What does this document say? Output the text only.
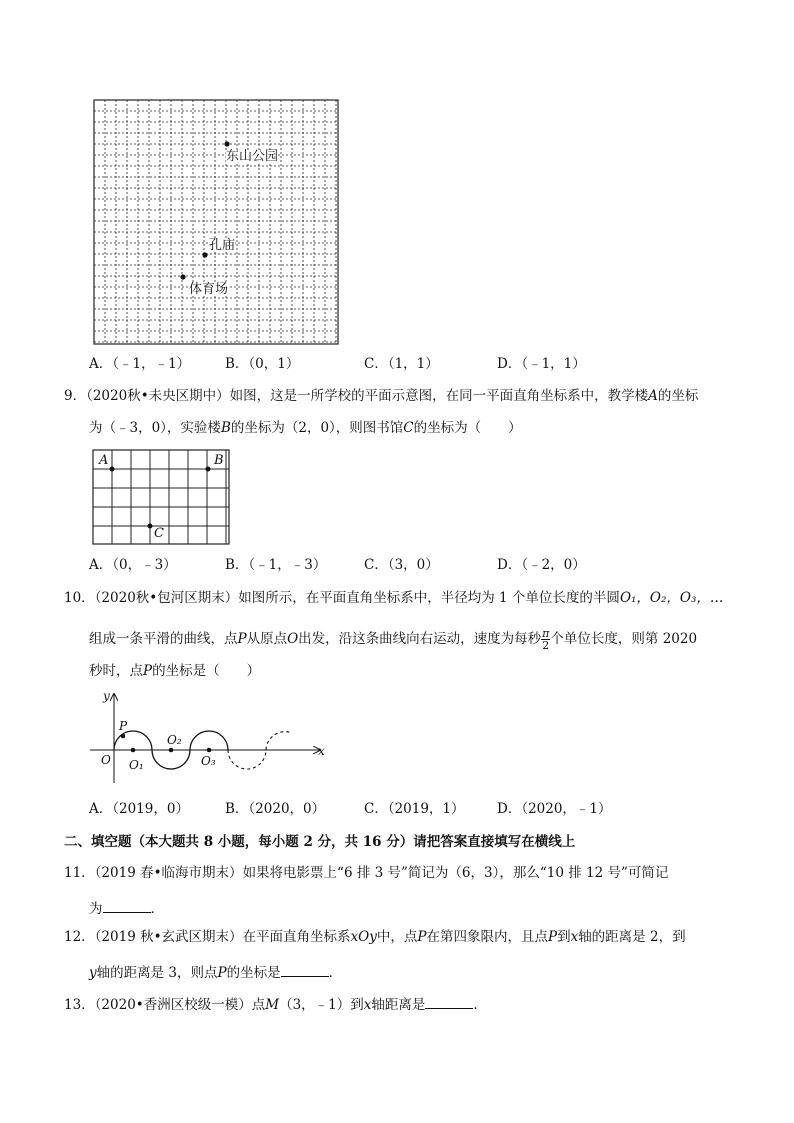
东山公园
孔庙
体育场
A．（﹣1，﹣1）	B．（0，1）	C．（1，1）	D．（﹣1，1）
9．（2020秋•未央区期中）如图，这是一所学校的平面示意图，在同一平面直角坐标系中，教学楼A的坐标
为（﹣3，0），实验楼B的坐标为（2，0），则图书馆C的坐标为（　　）
A	B
C
A．（0，﹣3）	B．（﹣1，﹣3）	C．（3，0）	D．（﹣2，0）
10．（2020秋•包河区期末）如图所示，在平面直角坐标系中，半径均为 1 个单位长度的半圆O₁，O₂，O₃，…
组成一条平滑的曲线，点P从原点O出发，沿这条曲线向右运动，速度为每秒 $\frac{\pi}{2}$ 个单位长度，则第 2020
秒时，点P的坐标是（　　）
y
x
P
O O₁
O₂
O₃
A．（2019，0）	B．（2020，0）	C．（2019，1） D．（2020，﹣1）
二、填空题（本大题共 8 小题，每小题 2 分，共 16 分）请把答案直接填写在横线上
11．（2019 春•临海市期末）如果将电影票上“6 排 3 号”简记为（6，3），那么“10 排 12 号”可简记
为	．
12．（2019 秋•玄武区期末）在平面直角坐标系xOy中，点P在第四象限内，且点P到x轴的距离是 2，到
y轴的距离是 3，则点P的坐标是	．
13．（2020•香洲区校级一模）点M（3，﹣1）到x轴距离是	．
